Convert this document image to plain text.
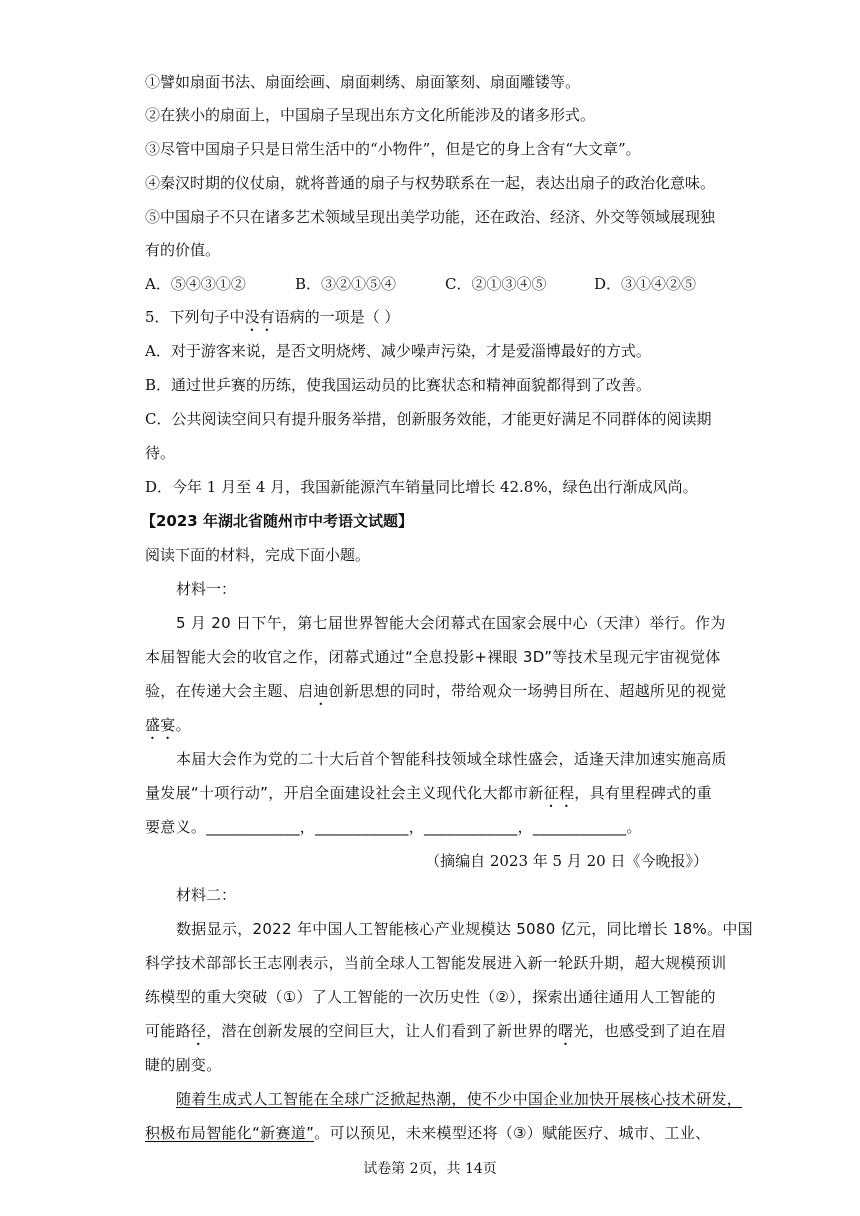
①譬如扇面书法、扇面绘画、扇面刺绣、扇面篆刻、扇面雕镂等。
②在狭小的扇面上，中国扇子呈现出东方文化所能涉及的诸多形式。
③尽管中国扇子只是日常生活中的“小物件”，但是它的身上含有“大文章”。
④秦汉时期的仪仗扇，就将普通的扇子与权势联系在一起，表达出扇子的政治化意味。
⑤中国扇子不只在诸多艺术领域呈现出美学功能，还在政治、经济、外交等领域展现独
有的价值。
A．⑤④③①②	B．③②①⑤④	C．②①③④⑤	D．③①④②⑤
5．下列句子中没有语病的一项是（ ）
A．对于游客来说，是否文明烧烤、减少噪声污染，才是爱淄博最好的方式。
B．通过世乒赛的历练，使我国运动员的比赛状态和精神面貌都得到了改善。
C．公共阅读空间只有提升服务举措，创新服务效能，才能更好满足不同群体的阅读期
待。
D．今年 1 月至 4 月，我国新能源汽车销量同比增长 42.8%，绿色出行渐成风尚。
【2023 年湖北省随州市中考语文试题】
阅读下面的材料，完成下面小题。
材料一：
5 月 20 日下午，第七届世界智能大会闭幕式在国家会展中心（天津）举行。作为
本届智能大会的收官之作，闭幕式通过“全息投影+裸眼 3D”等技术呈现元宇宙视觉体
验，在传递大会主题、启迪创新思想的同时，带给观众一场骋目所在、超越所见的视觉
盛宴。
本届大会作为党的二十大后首个智能科技领域全球性盛会，适逢天津加速实施高质
量发展“十项行动”，开启全面建设社会主义现代化大都市新征程，具有里程碑式的重
要意义。____________，____________，____________，____________。
（摘编自 2023 年 5 月 20 日《今晚报》）
材料二：
数据显示，2022 年中国人工智能核心产业规模达 5080 亿元，同比增长 18%。中国
科学技术部部长王志刚表示，当前全球人工智能发展进入新一轮跃升期，超大规模预训
练模型的重大突破（①）了人工智能的一次历史性（②），探索出通往通用人工智能的
可能路径，潜在创新发展的空间巨大，让人们看到了新世界的曙光，也感受到了迫在眉
睫的剧变。
随着生成式人工智能在全球广泛掀起热潮，使不少中国企业加快开展核心技术研发，
积极布局智能化“新赛道”。可以预见，未来模型还将（③）赋能医疗、城市、工业、
试卷第 2页，共 14页
